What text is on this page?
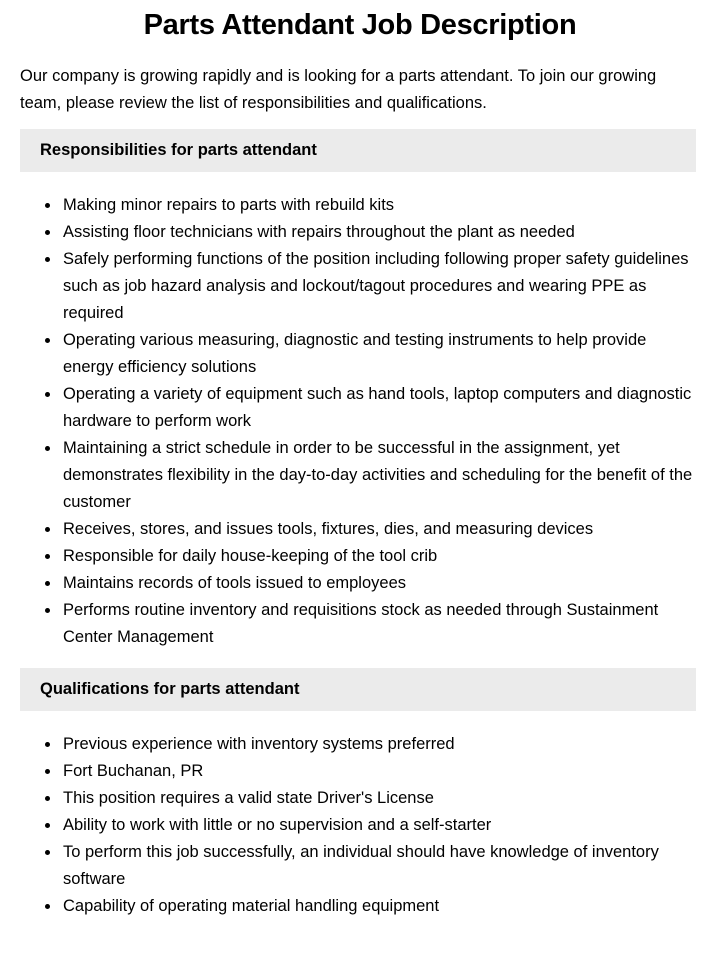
Parts Attendant Job Description

Our company is growing rapidly and is looking for a parts attendant. To join our growing team, please review the list of responsibilities and qualifications.

Responsibilities for parts attendant
Making minor repairs to parts with rebuild kits
Assisting floor technicians with repairs throughout the plant as needed
Safely performing functions of the position including following proper safety guidelines such as job hazard analysis and lockout/tagout procedures and wearing PPE as required
Operating various measuring, diagnostic and testing instruments to help provide energy efficiency solutions
Operating a variety of equipment such as hand tools, laptop computers and diagnostic hardware to perform work
Maintaining a strict schedule in order to be successful in the assignment, yet demonstrates flexibility in the day-to-day activities and scheduling for the benefit of the customer
Receives, stores, and issues tools, fixtures, dies, and measuring devices
Responsible for daily house-keeping of the tool crib
Maintains records of tools issued to employees
Performs routine inventory and requisitions stock as needed through Sustainment Center Management
Qualifications for parts attendant
Previous experience with inventory systems preferred
Fort Buchanan, PR
This position requires a valid state Driver's License
Ability to work with little or no supervision and a self-starter
To perform this job successfully, an individual should have knowledge of inventory software
Capability of operating material handling equipment
